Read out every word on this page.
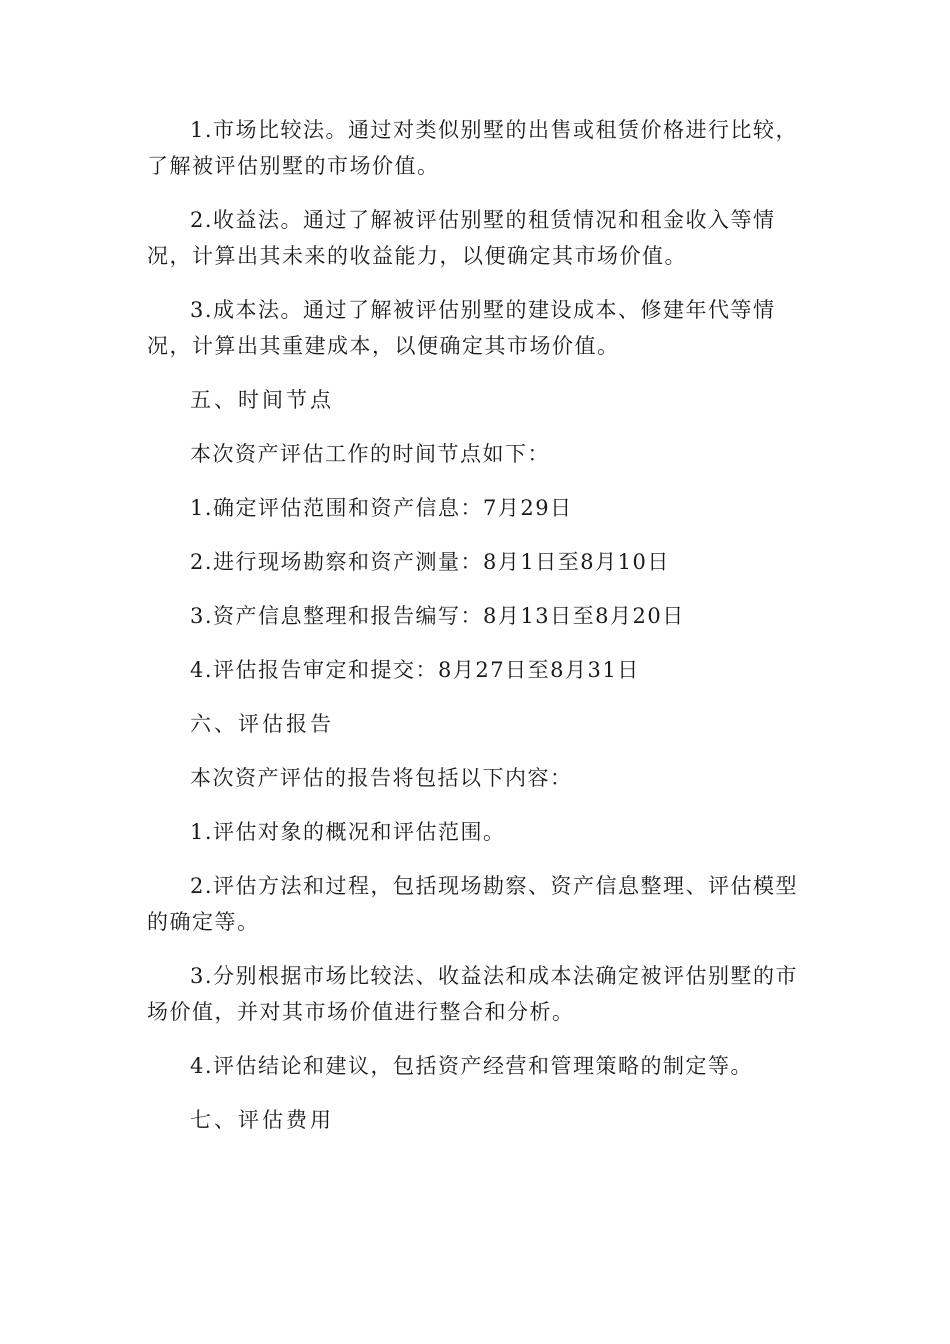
1.市场比较法。通过对类似别墅的出售或租赁价格进行比较，了解被评估别墅的市场价值。

2.收益法。通过了解被评估别墅的租赁情况和租金收入等情况，计算出其未来的收益能力，以便确定其市场价值。

3.成本法。通过了解被评估别墅的建设成本、修建年代等情况，计算出其重建成本，以便确定其市场价值。

五、时间节点

本次资产评估工作的时间节点如下：

1.确定评估范围和资产信息：7月29日

2.进行现场勘察和资产测量：8月1日至8月10日

3.资产信息整理和报告编写：8月13日至8月20日

4.评估报告审定和提交：8月27日至8月31日

六、评估报告

本次资产评估的报告将包括以下内容：

1.评估对象的概况和评估范围。

2.评估方法和过程，包括现场勘察、资产信息整理、评估模型的确定等。

3.分别根据市场比较法、收益法和成本法确定被评估别墅的市场价值，并对其市场价值进行整合和分析。

4.评估结论和建议，包括资产经营和管理策略的制定等。

七、评估费用
